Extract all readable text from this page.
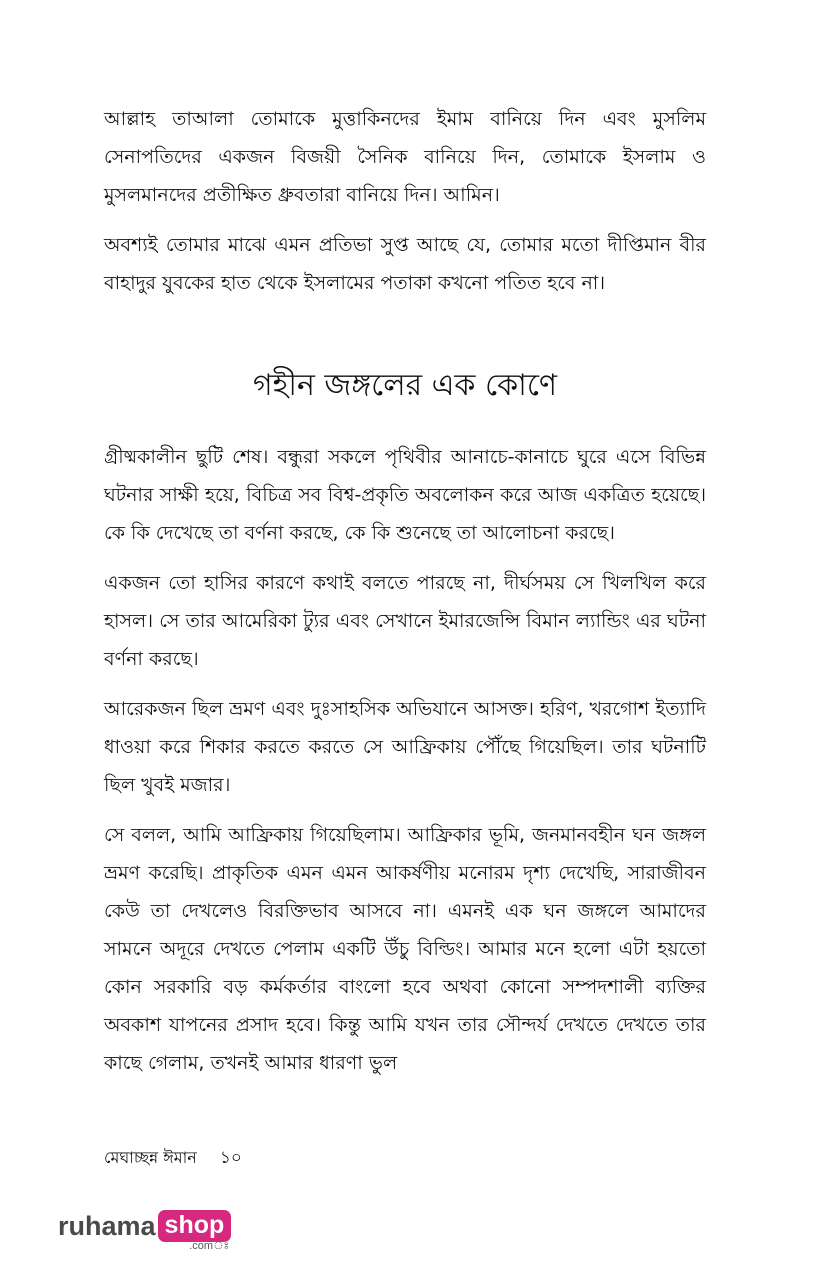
আল্লাহ তাআলা তোমাকে মুত্তাকিনদের ইমাম বানিয়ে দিন এবং মুসলিম সেনাপতিদের একজন বিজয়ী সৈনিক বানিয়ে দিন, তোমাকে ইসলাম ও মুসলমানদের প্রতীক্ষিত ধ্রুবতারা বানিয়ে দিন। আমিন।

অবশ্যই তোমার মাঝে এমন প্রতিভা সুপ্ত আছে যে, তোমার মতো দীপ্তিমান বীর বাহাদুর যুবকের হাত থেকে ইসলামের পতাকা কখনো পতিত হবে না।

গহীন জঙ্গলের এক কোণে

গ্রীষ্মকালীন ছুটি শেষ। বন্ধুরা সকলে পৃথিবীর আনাচে-কানাচে ঘুরে এসে বিভিন্ন ঘটনার সাক্ষী হয়ে, বিচিত্র সব বিশ্ব-প্রকৃতি অবলোকন করে আজ একত্রিত হয়েছে। কে কি দেখেছে তা বর্ণনা করছে, কে কি শুনেছে তা আলোচনা করছে।

একজন তো হাসির কারণে কথাই বলতে পারছে না, দীর্ঘসময় সে খিলখিল করে হাসল। সে তার আমেরিকা ট্যুর এবং সেখানে ইমারজেন্সি বিমান ল্যান্ডিং এর ঘটনা বর্ণনা করছে।

আরেকজন ছিল ভ্রমণ এবং দুঃসাহসিক অভিযানে আসক্ত। হরিণ, খরগোশ ইত্যাদি ধাওয়া করে শিকার করতে করতে সে আফ্রিকায় পৌঁছে গিয়েছিল। তার ঘটনাটি ছিল খুবই মজার।

সে বলল, আমি আফ্রিকায় গিয়েছিলাম। আফ্রিকার ভূমি, জনমানবহীন ঘন জঙ্গল ভ্রমণ করেছি। প্রাকৃতিক এমন এমন আকর্ষণীয় মনোরম দৃশ্য দেখেছি, সারাজীবন কেউ তা দেখলেও বিরক্তিভাব আসবে না। এমনই এক ঘন জঙ্গলে আমাদের সামনে অদূরে দেখতে পেলাম একটি উঁচু বিল্ডিং। আমার মনে হলো এটা হয়তো কোন সরকারি বড় কর্মকর্তার বাংলো হবে অথবা কোনো সম্পদশালী ব্যক্তির অবকাশ যাপনের প্রসাদ হবে। কিন্তু আমি যখন তার সৌন্দর্য দেখতে দেখতে তার কাছে গেলাম, তখনই আমার ধারণা ভুল

মেঘাচ্ছন্ন ঈমান ১০
ruhama shop
.comঃ
